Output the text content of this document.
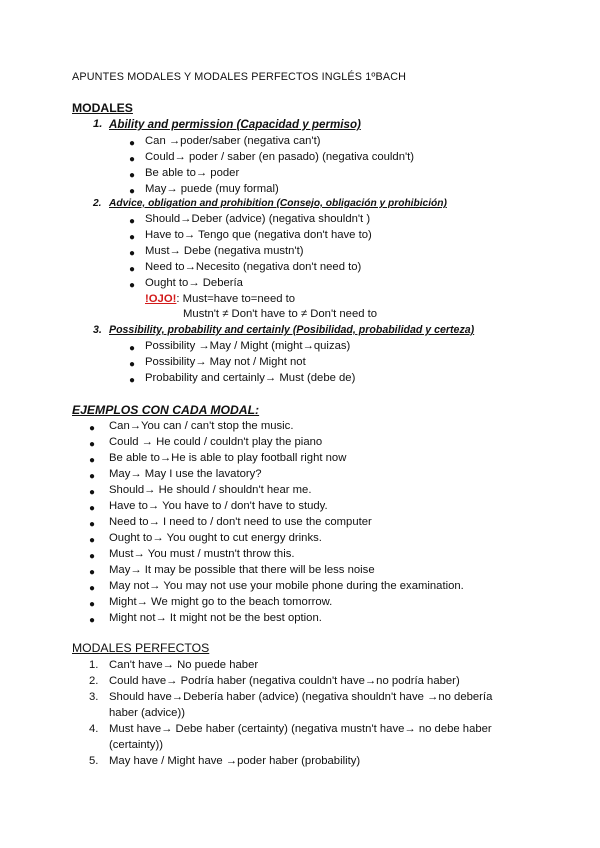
APUNTES MODALES Y MODALES PERFECTOS INGLÉS 1ºBACH
MODALES
1. Ability and permission (Capacidad y permiso)
● Can →poder/saber (negativa can't)
● Could→ poder / saber (en pasado) (negativa couldn't)
● Be able to→ poder
● May→ puede (muy formal)
2. Advice, obligation and prohibition (Consejo, obligación y prohibición)
● Should→Deber (advice) (negativa shouldn't )
● Have to→ Tengo que (negativa don't have to)
● Must→ Debe (negativa mustn't)
● Need to→Necesito (negativa don't need to)
● Ought to→ Debería
!OJO!: Must=have to=need to
Mustn't ≠ Don't have to ≠ Don't need to
3. Possibility, probability and certainly (Posibilidad, probabilidad y certeza)
● Possibility →May / Might (might→quizas)
● Possibility→ May not / Might not
● Probability and certainly→ Must (debe de)
EJEMPLOS CON CADA MODAL:
● Can→You can / can't stop the music.
● Could → He could / couldn't play the piano
● Be able to→He is able to play football right now
● May→ May I use the lavatory?
● Should→ He should / shouldn't hear me.
● Have to→ You have to / don't have to study.
● Need to→ I need to / don't need to use the computer
● Ought to→ You ought to cut energy drinks.
● Must→ You must / mustn't throw this.
● May→ It may be possible that there will be less noise
● May not→ You may not use your mobile phone during the examination.
● Might→ We might go to the beach tomorrow.
● Might not→ It might not be the best option.
MODALES PERFECTOS
1. Can't have→ No puede haber
2. Could have→ Podría haber (negativa couldn't have→no podría haber)
3. Should have→Debería haber (advice) (negativa shouldn't have →no debería
haber (advice))
4. Must have→ Debe haber (certainty) (negativa mustn't have→ no debe haber
(certainty))
5. May have / Might have →poder haber (probability)
